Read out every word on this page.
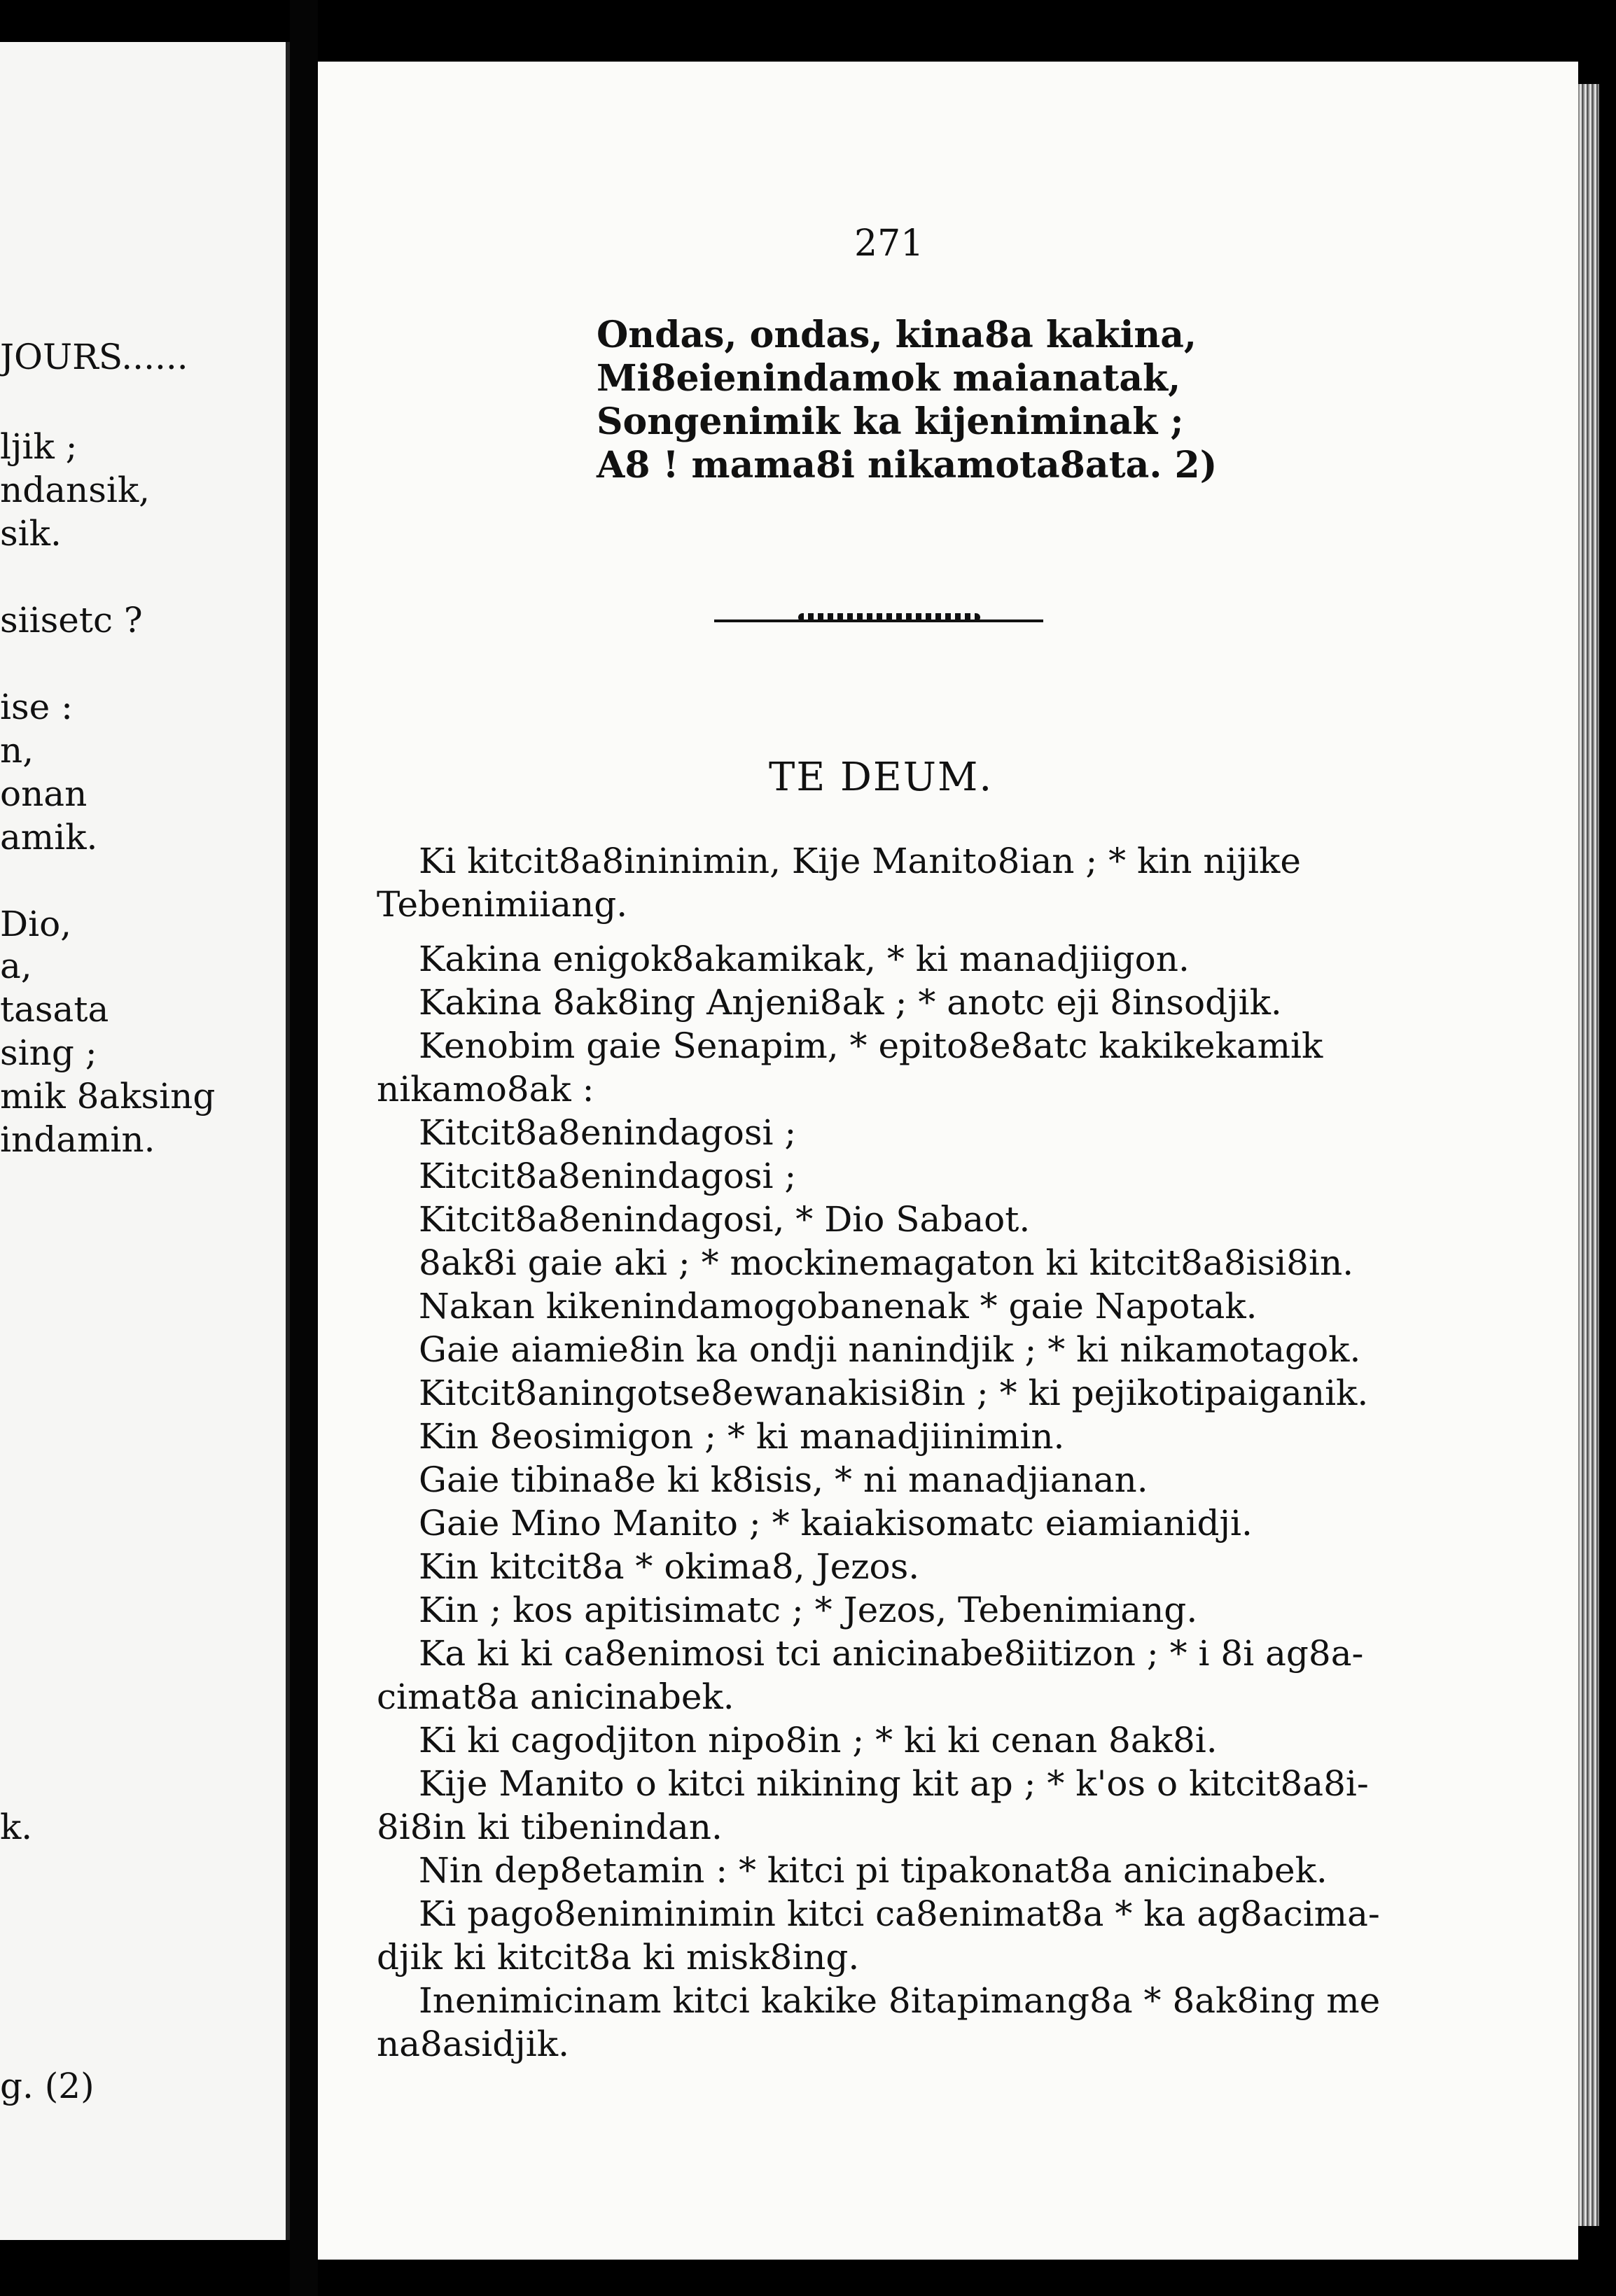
JOURS......
ljik ;
ndansik,
sik.
siisetc ?
ise :
n,
onan
amik.
Dio,
a,
tasata
sing ;
mik 8aksing
indamin.
k.
g. (2)
271
Ondas, ondas, kina8a kakina,
Mi8eienindamok maianatak,
Songenimik ka kijeniminak ;
A8 ! mama8i nikamota8ata. 2)
TE DEUM.
Ki kitcit8a8ininimin, Kije Manito8ian ; * kin nijike
Tebenimiiang.
Kakina enigok8akamikak, * ki manadjiigon.
Kakina 8ak8ing Anjeni8ak ; * anotc eji 8insodjik.
Kenobim gaie Senapim, * epito8e8atc kakikekamik
nikamo8ak :
Kitcit8a8enindagosi ;
Kitcit8a8enindagosi ;
Kitcit8a8enindagosi, * Dio Sabaot.
8ak8i gaie aki ; * mockinemagaton ki kitcit8a8isi8in.
Nakan kikenindamogobanenak * gaie Napotak.
Gaie aiamie8in ka ondji nanindjik ; * ki nikamotagok.
Kitcit8aningotse8ewanakisi8in ; * ki pejikotipaiganik.
Kin 8eosimigon ; * ki manadjiinimin.
Gaie tibina8e ki k8isis, * ni manadjianan.
Gaie Mino Manito ; * kaiakisomatc eiamianidji.
Kin kitcit8a * okima8, Jezos.
Kin ; kos apitisimatc ; * Jezos, Tebenimiang.
Ka ki ki ca8enimosi tci anicinabe8iitizon ; * i 8i ag8a-
cimat8a anicinabek.
Ki ki cagodjiton nipo8in ; * ki ki cenan 8ak8i.
Kije Manito o kitci nikining kit ap ; * k'os o kitcit8a8i-
8i8in ki tibenindan.
Nin dep8etamin : * kitci pi tipakonat8a anicinabek.
Ki pago8eniminimin kitci ca8enimat8a * ka ag8acima-
djik ki kitcit8a ki misk8ing.
Inenimicinam kitci kakike 8itapimang8a * 8ak8ing me
na8asidjik.
